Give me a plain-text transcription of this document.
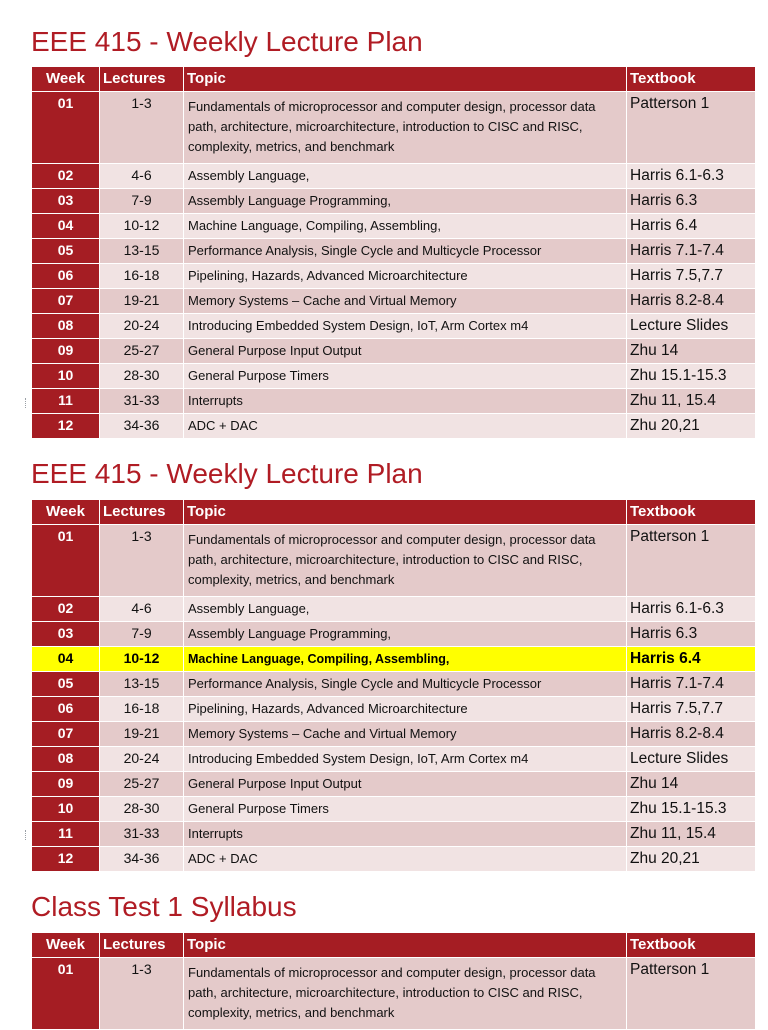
EEE 415 - Weekly Lecture Plan
Week	Lectures	Topic	Textbook
01	1-3	Fundamentals of microprocessor and computer design, processor data path, architecture, microarchitecture, introduction to CISC and RISC, complexity, metrics, and benchmark	Patterson 1
02	4-6	Assembly Language,	Harris 6.1-6.3
03	7-9	Assembly Language Programming,	Harris 6.3
04	10-12	Machine Language, Compiling, Assembling,	Harris 6.4
05	13-15	Performance Analysis, Single Cycle and Multicycle Processor	Harris 7.1-7.4
06	16-18	Pipelining, Hazards, Advanced Microarchitecture	Harris 7.5,7.7
07	19-21	Memory Systems – Cache and Virtual Memory	Harris 8.2-8.4
08	20-24	Introducing Embedded System Design, IoT, Arm Cortex m4	Lecture Slides
09	25-27	General Purpose Input Output	Zhu 14
10	28-30	General Purpose Timers	Zhu 15.1-15.3
11	31-33	Interrupts	Zhu 11, 15.4
12	34-36	ADC + DAC	Zhu 20,21
EEE 415 - Weekly Lecture Plan
Week	Lectures	Topic	Textbook
01	1-3	Fundamentals of microprocessor and computer design, processor data path, architecture, microarchitecture, introduction to CISC and RISC, complexity, metrics, and benchmark	Patterson 1
02	4-6	Assembly Language,	Harris 6.1-6.3
03	7-9	Assembly Language Programming,	Harris 6.3
04	10-12	Machine Language, Compiling, Assembling,	Harris 6.4
05	13-15	Performance Analysis, Single Cycle and Multicycle Processor	Harris 7.1-7.4
06	16-18	Pipelining, Hazards, Advanced Microarchitecture	Harris 7.5,7.7
07	19-21	Memory Systems – Cache and Virtual Memory	Harris 8.2-8.4
08	20-24	Introducing Embedded System Design, IoT, Arm Cortex m4	Lecture Slides
09	25-27	General Purpose Input Output	Zhu 14
10	28-30	General Purpose Timers	Zhu 15.1-15.3
11	31-33	Interrupts	Zhu 11, 15.4
12	34-36	ADC + DAC	Zhu 20,21
Class Test 1 Syllabus
Week	Lectures	Topic	Textbook
01	1-3	Fundamentals of microprocessor and computer design, processor data path, architecture, microarchitecture, introduction to CISC and RISC, complexity, metrics, and benchmark	Patterson 1
